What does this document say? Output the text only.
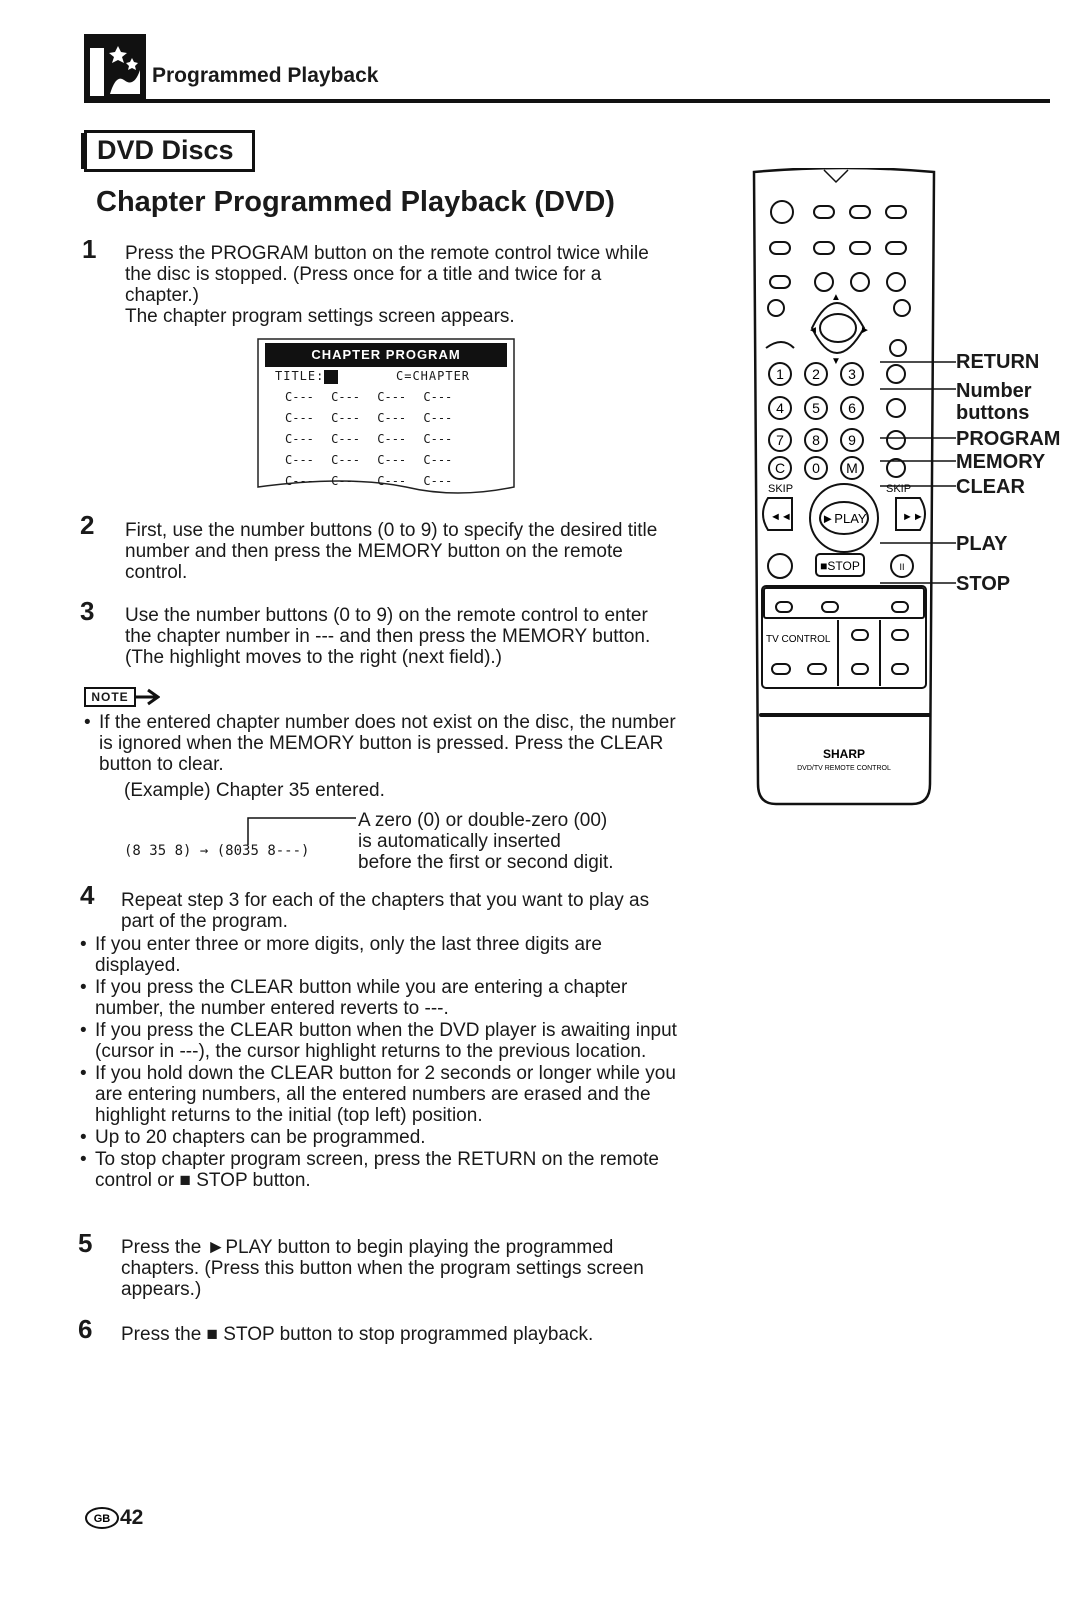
Programmed Playback
DVD Discs
Chapter Programmed Playback (DVD)
1 Press the PROGRAM button on the remote control twice while
the disc is stopped. (Press once for a title and twice for a
chapter.)
The chapter program settings screen appears.
CHAPTER PROGRAM
TITLE:	C=CHAPTER
C--- C--- C--- C---
C--- C--- C--- C---
C--- C--- C--- C---
C--- C--- C--- C---
C--- C--- C--- C---
2 First, use the number buttons (0 to 9) to specify the desired title
number and then press the MEMORY button on the remote
control.
3 Use the number buttons (0 to 9) on the remote control to enter
the chapter number in --- and then press the MEMORY button.
(The highlight moves to the right (next field).)
NOTE
• If the entered chapter number does not exist on the disc, the number
is ignored when the MEMORY button is pressed. Press the CLEAR
button to clear.
(Example) Chapter 35 entered.
(8 35 8) → (8035 8---)
A zero (0) or double-zero (00)
is automatically inserted
before the first or second digit.
4 Repeat step 3 for each of the chapters that you want to play as
part of the program.
• If you enter three or more digits, only the last three digits are displayed.
• If you press the CLEAR button while you are entering a chapter number, the number entered reverts to ---.
• If you press the CLEAR button when the DVD player is awaiting input (cursor in ---), the cursor highlight returns to the previous location.
• If you hold down the CLEAR button for 2 seconds or longer while you are entering numbers, all the entered numbers are erased and the highlight returns to the initial (top left) position.
• Up to 20 chapters can be programmed.
• To stop chapter program screen, press the RETURN on the remote control or ■ STOP button.
5 Press the ►PLAY button to begin playing the programmed
chapters. (Press this button when the program settings screen
appears.)
6 Press the ■ STOP button to stop programmed playback.
▲
▼
◄	►
1 2 3
4 5 6
7 8 9
C 0 M
SKIP	SKIP
◄◄	►►
►PLAY
■STOP	II
TV CONTROL
SHARP
DVD/TV REMOTE CONTROL
RETURN
Number
buttons
PROGRAM
MEMORY
CLEAR
PLAY
STOP
GB 42
